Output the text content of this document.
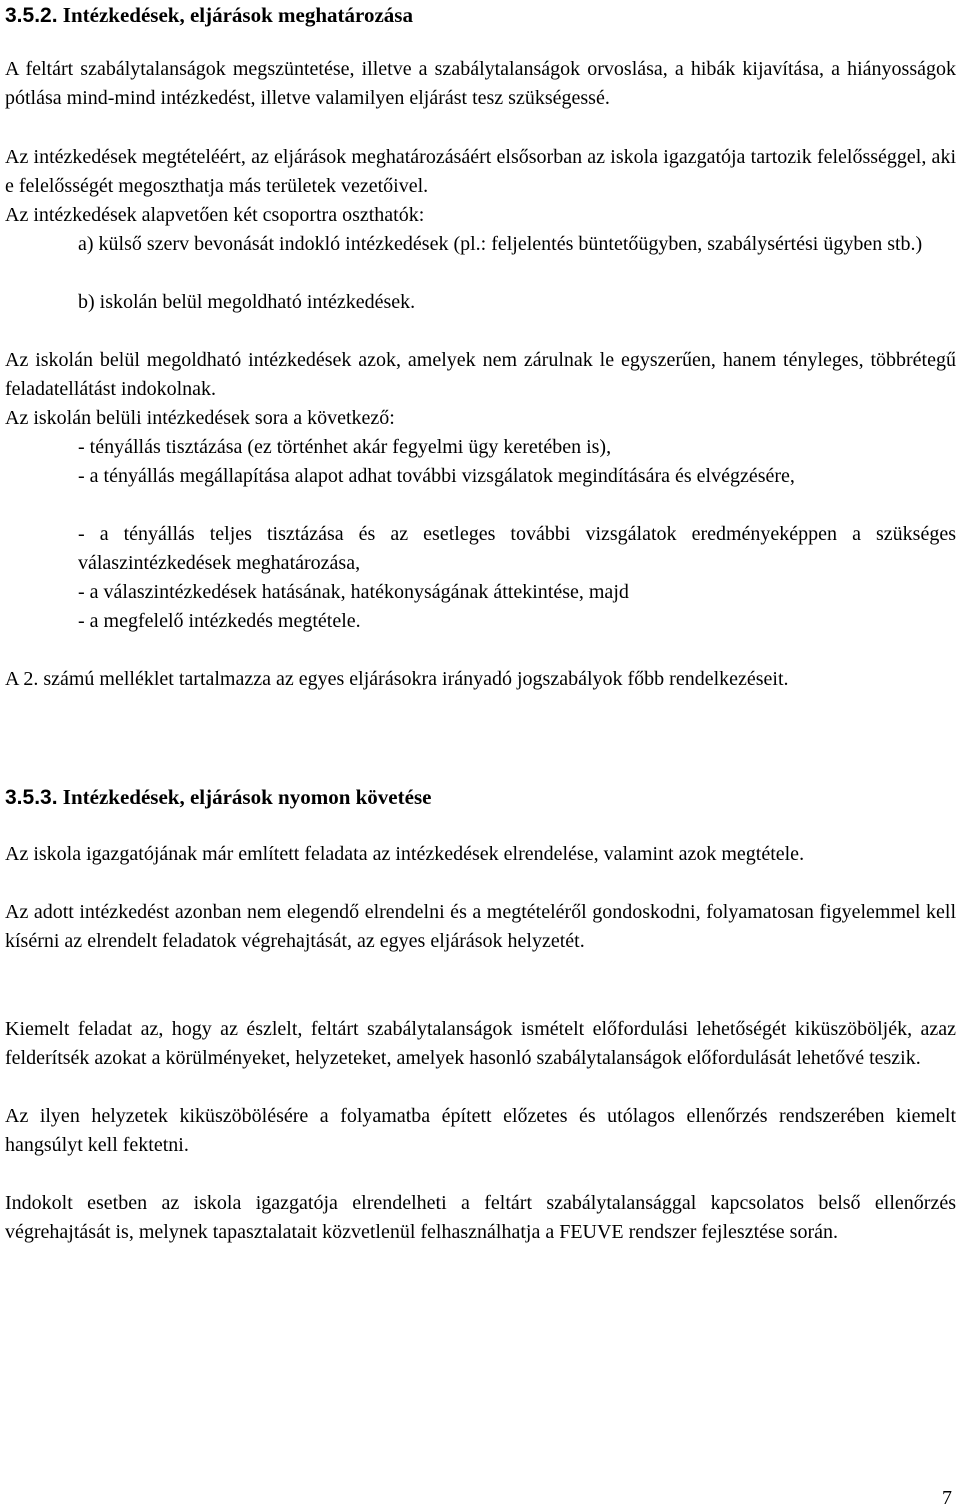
3.5.2. Intézkedések, eljárások meghatározása

A feltárt szabálytalanságok megszüntetése, illetve a szabálytalanságok orvoslása, a hibák kijavítása, a hiányosságok pótlása mind-mind intézkedést, illetve valamilyen eljárást tesz szükségessé.

Az intézkedések megtételéért, az eljárások meghatározásáért elsősorban az iskola igazgatója tartozik felelősséggel, aki e felelősségét megoszthatja más területek vezetőivel.

Az intézkedések alapvetően két csoportra oszthatók:

a) külső szerv bevonását indokló intézkedések (pl.: feljelentés büntetőügyben, szabálysértési ügyben stb.)

b) iskolán belül megoldható intézkedések.

Az iskolán belül megoldható intézkedések azok, amelyek nem zárulnak le egyszerűen, hanem tényleges, többrétegű feladatellátást indokolnak.

Az iskolán belüli intézkedések sora a következő:

- tényállás tisztázása (ez történhet akár fegyelmi ügy keretében is),

- a tényállás megállapítása alapot adhat további vizsgálatok megindítására és elvégzésére,

- a tényállás teljes tisztázása és az esetleges további vizsgálatok eredményeképpen a szükséges válaszintézkedések meghatározása,

- a válaszintézkedések hatásának, hatékonyságának áttekintése, majd

- a megfelelő intézkedés megtétele.

A 2. számú melléklet tartalmazza az egyes eljárásokra irányadó jogszabályok főbb rendelkezéseit.

3.5.3. Intézkedések, eljárások nyomon követése

Az iskola igazgatójának már említett feladata az intézkedések elrendelése, valamint azok megtétele.

Az adott intézkedést azonban nem elegendő elrendelni és a megtételéről gondoskodni, folyamatosan figyelemmel kell kísérni az elrendelt feladatok végrehajtását, az egyes eljárások helyzetét.

Kiemelt feladat az, hogy az észlelt, feltárt szabálytalanságok ismételt előfordulási lehetőségét kiküszöböljék, azaz felderítsék azokat a körülményeket, helyzeteket, amelyek hasonló szabálytalanságok előfordulását lehetővé teszik.

Az ilyen helyzetek kiküszöbölésére a folyamatba épített előzetes és utólagos ellenőrzés rendszerében kiemelt hangsúlyt kell fektetni.

Indokolt esetben az iskola igazgatója elrendelheti a feltárt szabálytalansággal kapcsolatos belső ellenőrzés végrehajtását is, melynek tapasztalatait közvetlenül felhasználhatja a FEUVE rendszer fejlesztése során.

7
